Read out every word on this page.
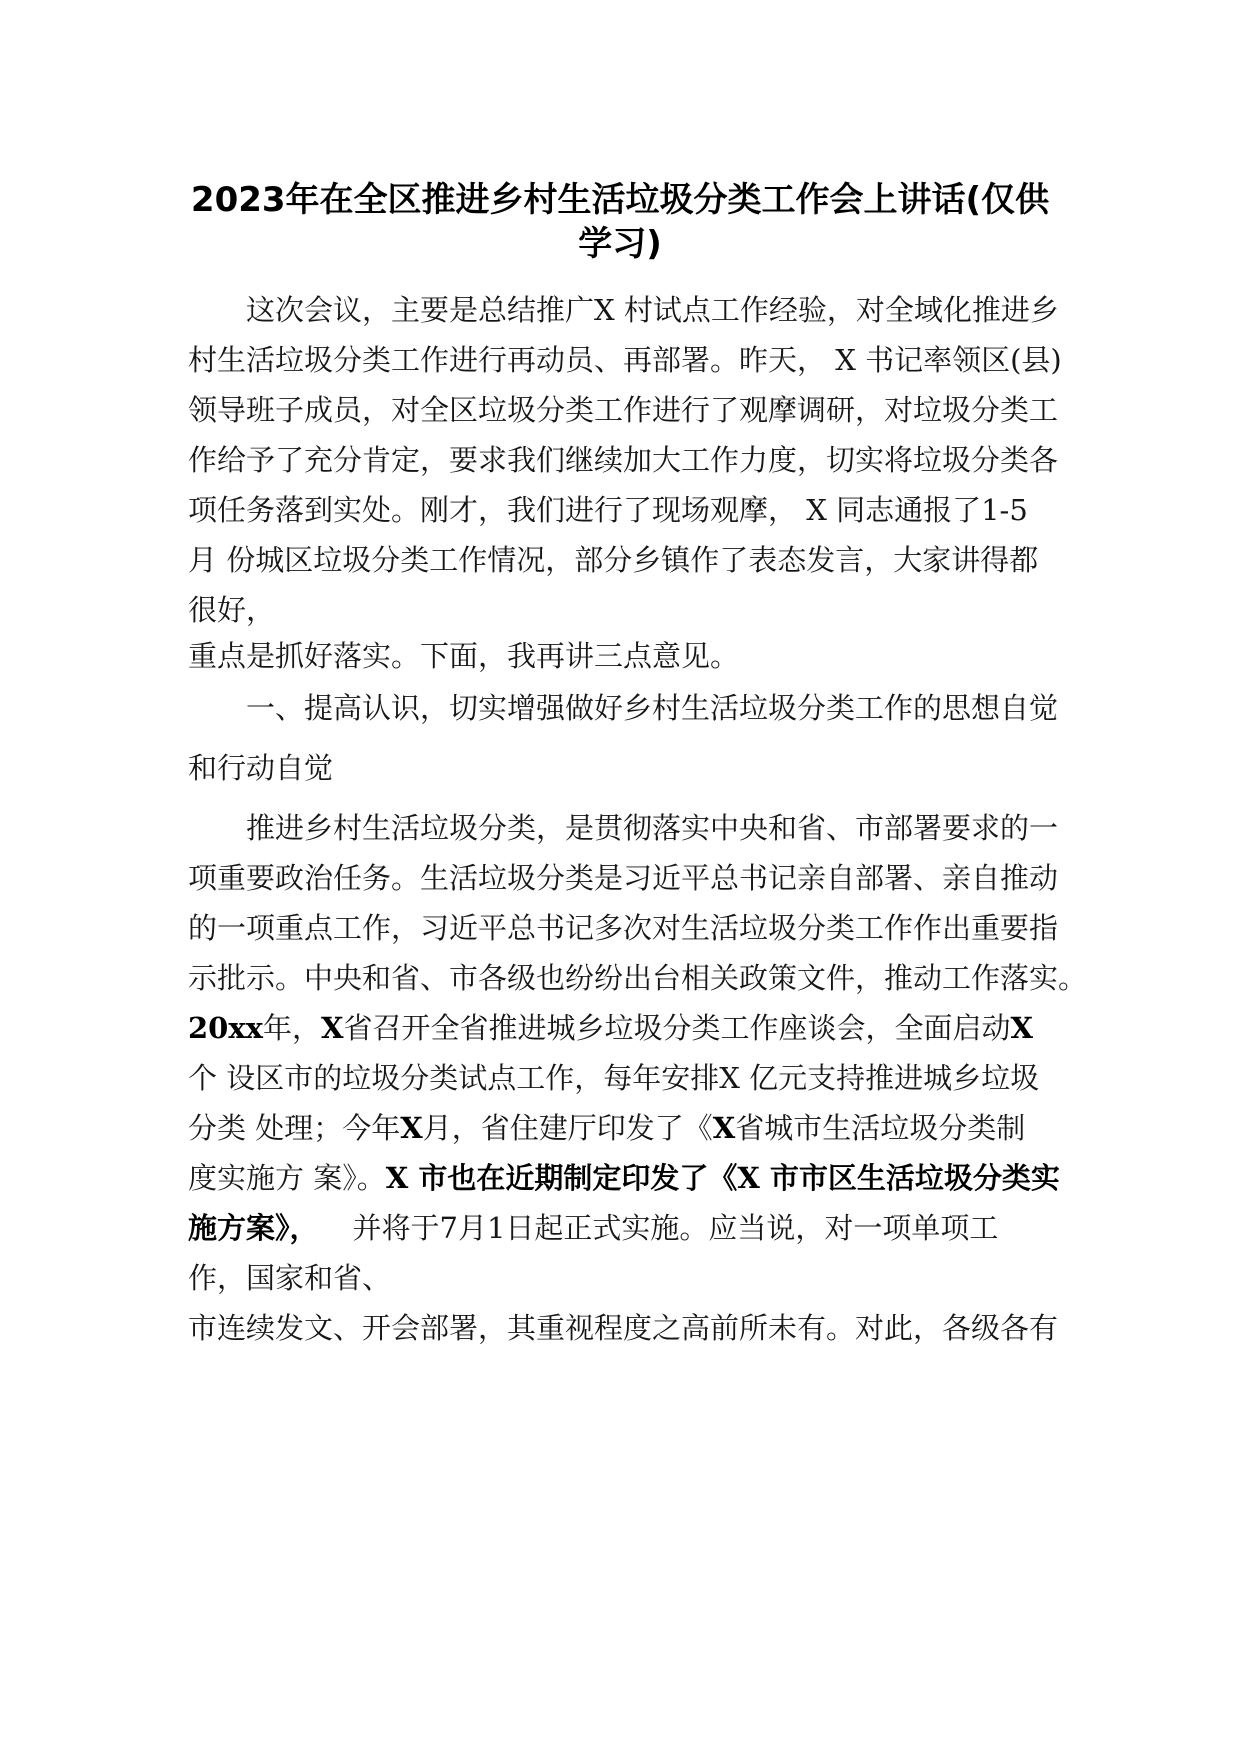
2023年在全区推进乡村生活垃圾分类工作会上讲话(仅供
学习)
这次会议，主要是总结推广X 村试点工作经验，对全域化推进乡
村生活垃圾分类工作进行再动员、再部署。昨天， X 书记率领区(县)
领导班子成员，对全区垃圾分类工作进行了观摩调研，对垃圾分类工
作给予了充分肯定，要求我们继续加大工作力度，切实将垃圾分类各
项任务落到实处。刚才，我们进行了现场观摩， X 同志通报了1-5
月 份城区垃圾分类工作情况，部分乡镇作了表态发言，大家讲得都
很好，
重点是抓好落实。下面，我再讲三点意见。
一、提高认识，切实增强做好乡村生活垃圾分类工作的思想自觉
和行动自觉
推进乡村生活垃圾分类，是贯彻落实中央和省、市部署要求的一
项重要政治任务。生活垃圾分类是习近平总书记亲自部署、亲自推动
的一项重点工作，习近平总书记多次对生活垃圾分类工作作出重要指
示批示。中央和省、市各级也纷纷出台相关政策文件，推动工作落实。
20xx年，X省召开全省推进城乡垃圾分类工作座谈会，全面启动X
个 设区市的垃圾分类试点工作，每年安排X 亿元支持推进城乡垃圾
分类 处理；今年X月，省住建厅印发了《X省城市生活垃圾分类制
度实施方 案》。X 市也在近期制定印发了《X 市市区生活垃圾分类实
施方案》， 并将于7月1日起正式实施。应当说，对一项单项工
作，国家和省、
市连续发文、开会部署，其重视程度之高前所未有。对此，各级各有
